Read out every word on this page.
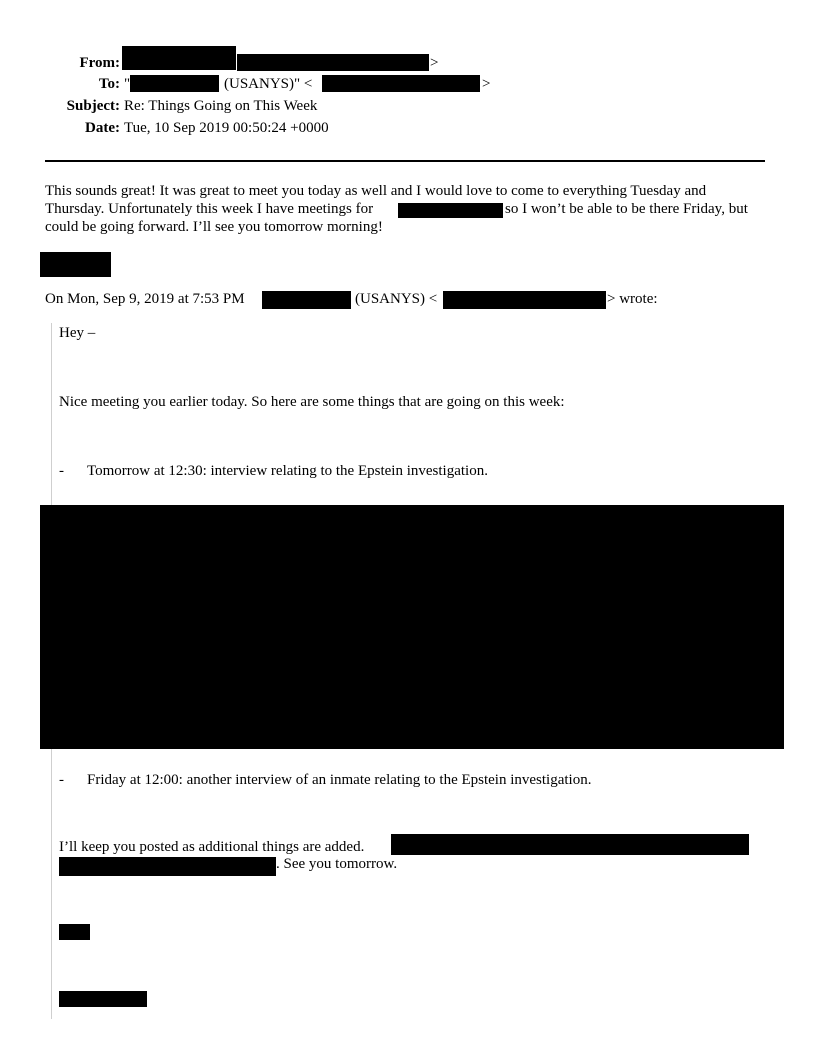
From:	>
To: "	(USANYS)" <	>
Subject: Re: Things Going on This Week
Date: Tue, 10 Sep 2019 00:50:24 +0000
This sounds great! It was great to meet you today as well and I would love to come to everything Tuesday and
Thursday. Unfortunately this week I have meetings for	so I won’t be able to be there Friday, but
could be going forward. I’ll see you tomorrow morning!
On Mon, Sep 9, 2019 at 7:53 PM	(USANYS) <	> wrote:
Hey –
Nice meeting you earlier today. So here are some things that are going on this week:
- Tomorrow at 12:30: interview relating to the Epstein investigation.
- Friday at 12:00: another interview of an inmate relating to the Epstein investigation.
I’ll keep you posted as additional things are added.
. See you tomorrow.
